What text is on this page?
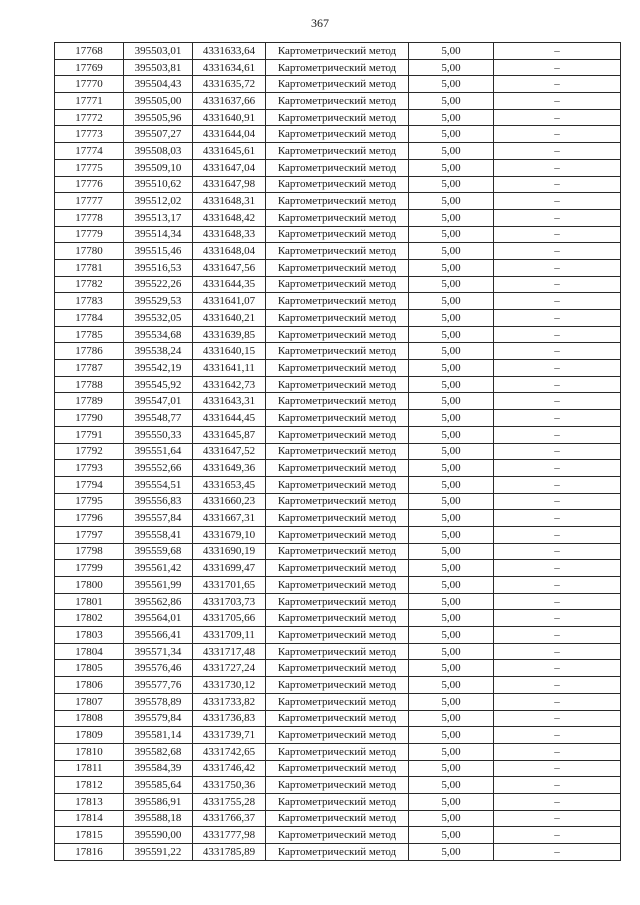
367
17768	395503,01	4331633,64	Картометрический метод	5,00	–
17769	395503,81	4331634,61	Картометрический метод	5,00	–
17770	395504,43	4331635,72	Картометрический метод	5,00	–
17771	395505,00	4331637,66	Картометрический метод	5,00	–
17772	395505,96	4331640,91	Картометрический метод	5,00	–
17773	395507,27	4331644,04	Картометрический метод	5,00	–
17774	395508,03	4331645,61	Картометрический метод	5,00	–
17775	395509,10	4331647,04	Картометрический метод	5,00	–
17776	395510,62	4331647,98	Картометрический метод	5,00	–
17777	395512,02	4331648,31	Картометрический метод	5,00	–
17778	395513,17	4331648,42	Картометрический метод	5,00	–
17779	395514,34	4331648,33	Картометрический метод	5,00	–
17780	395515,46	4331648,04	Картометрический метод	5,00	–
17781	395516,53	4331647,56	Картометрический метод	5,00	–
17782	395522,26	4331644,35	Картометрический метод	5,00	–
17783	395529,53	4331641,07	Картометрический метод	5,00	–
17784	395532,05	4331640,21	Картометрический метод	5,00	–
17785	395534,68	4331639,85	Картометрический метод	5,00	–
17786	395538,24	4331640,15	Картометрический метод	5,00	–
17787	395542,19	4331641,11	Картометрический метод	5,00	–
17788	395545,92	4331642,73	Картометрический метод	5,00	–
17789	395547,01	4331643,31	Картометрический метод	5,00	–
17790	395548,77	4331644,45	Картометрический метод	5,00	–
17791	395550,33	4331645,87	Картометрический метод	5,00	–
17792	395551,64	4331647,52	Картометрический метод	5,00	–
17793	395552,66	4331649,36	Картометрический метод	5,00	–
17794	395554,51	4331653,45	Картометрический метод	5,00	–
17795	395556,83	4331660,23	Картометрический метод	5,00	–
17796	395557,84	4331667,31	Картометрический метод	5,00	–
17797	395558,41	4331679,10	Картометрический метод	5,00	–
17798	395559,68	4331690,19	Картометрический метод	5,00	–
17799	395561,42	4331699,47	Картометрический метод	5,00	–
17800	395561,99	4331701,65	Картометрический метод	5,00	–
17801	395562,86	4331703,73	Картометрический метод	5,00	–
17802	395564,01	4331705,66	Картометрический метод	5,00	–
17803	395566,41	4331709,11	Картометрический метод	5,00	–
17804	395571,34	4331717,48	Картометрический метод	5,00	–
17805	395576,46	4331727,24	Картометрический метод	5,00	–
17806	395577,76	4331730,12	Картометрический метод	5,00	–
17807	395578,89	4331733,82	Картометрический метод	5,00	–
17808	395579,84	4331736,83	Картометрический метод	5,00	–
17809	395581,14	4331739,71	Картометрический метод	5,00	–
17810	395582,68	4331742,65	Картометрический метод	5,00	–
17811	395584,39	4331746,42	Картометрический метод	5,00	–
17812	395585,64	4331750,36	Картометрический метод	5,00	–
17813	395586,91	4331755,28	Картометрический метод	5,00	–
17814	395588,18	4331766,37	Картометрический метод	5,00	–
17815	395590,00	4331777,98	Картометрический метод	5,00	–
17816	395591,22	4331785,89	Картометрический метод	5,00	–
